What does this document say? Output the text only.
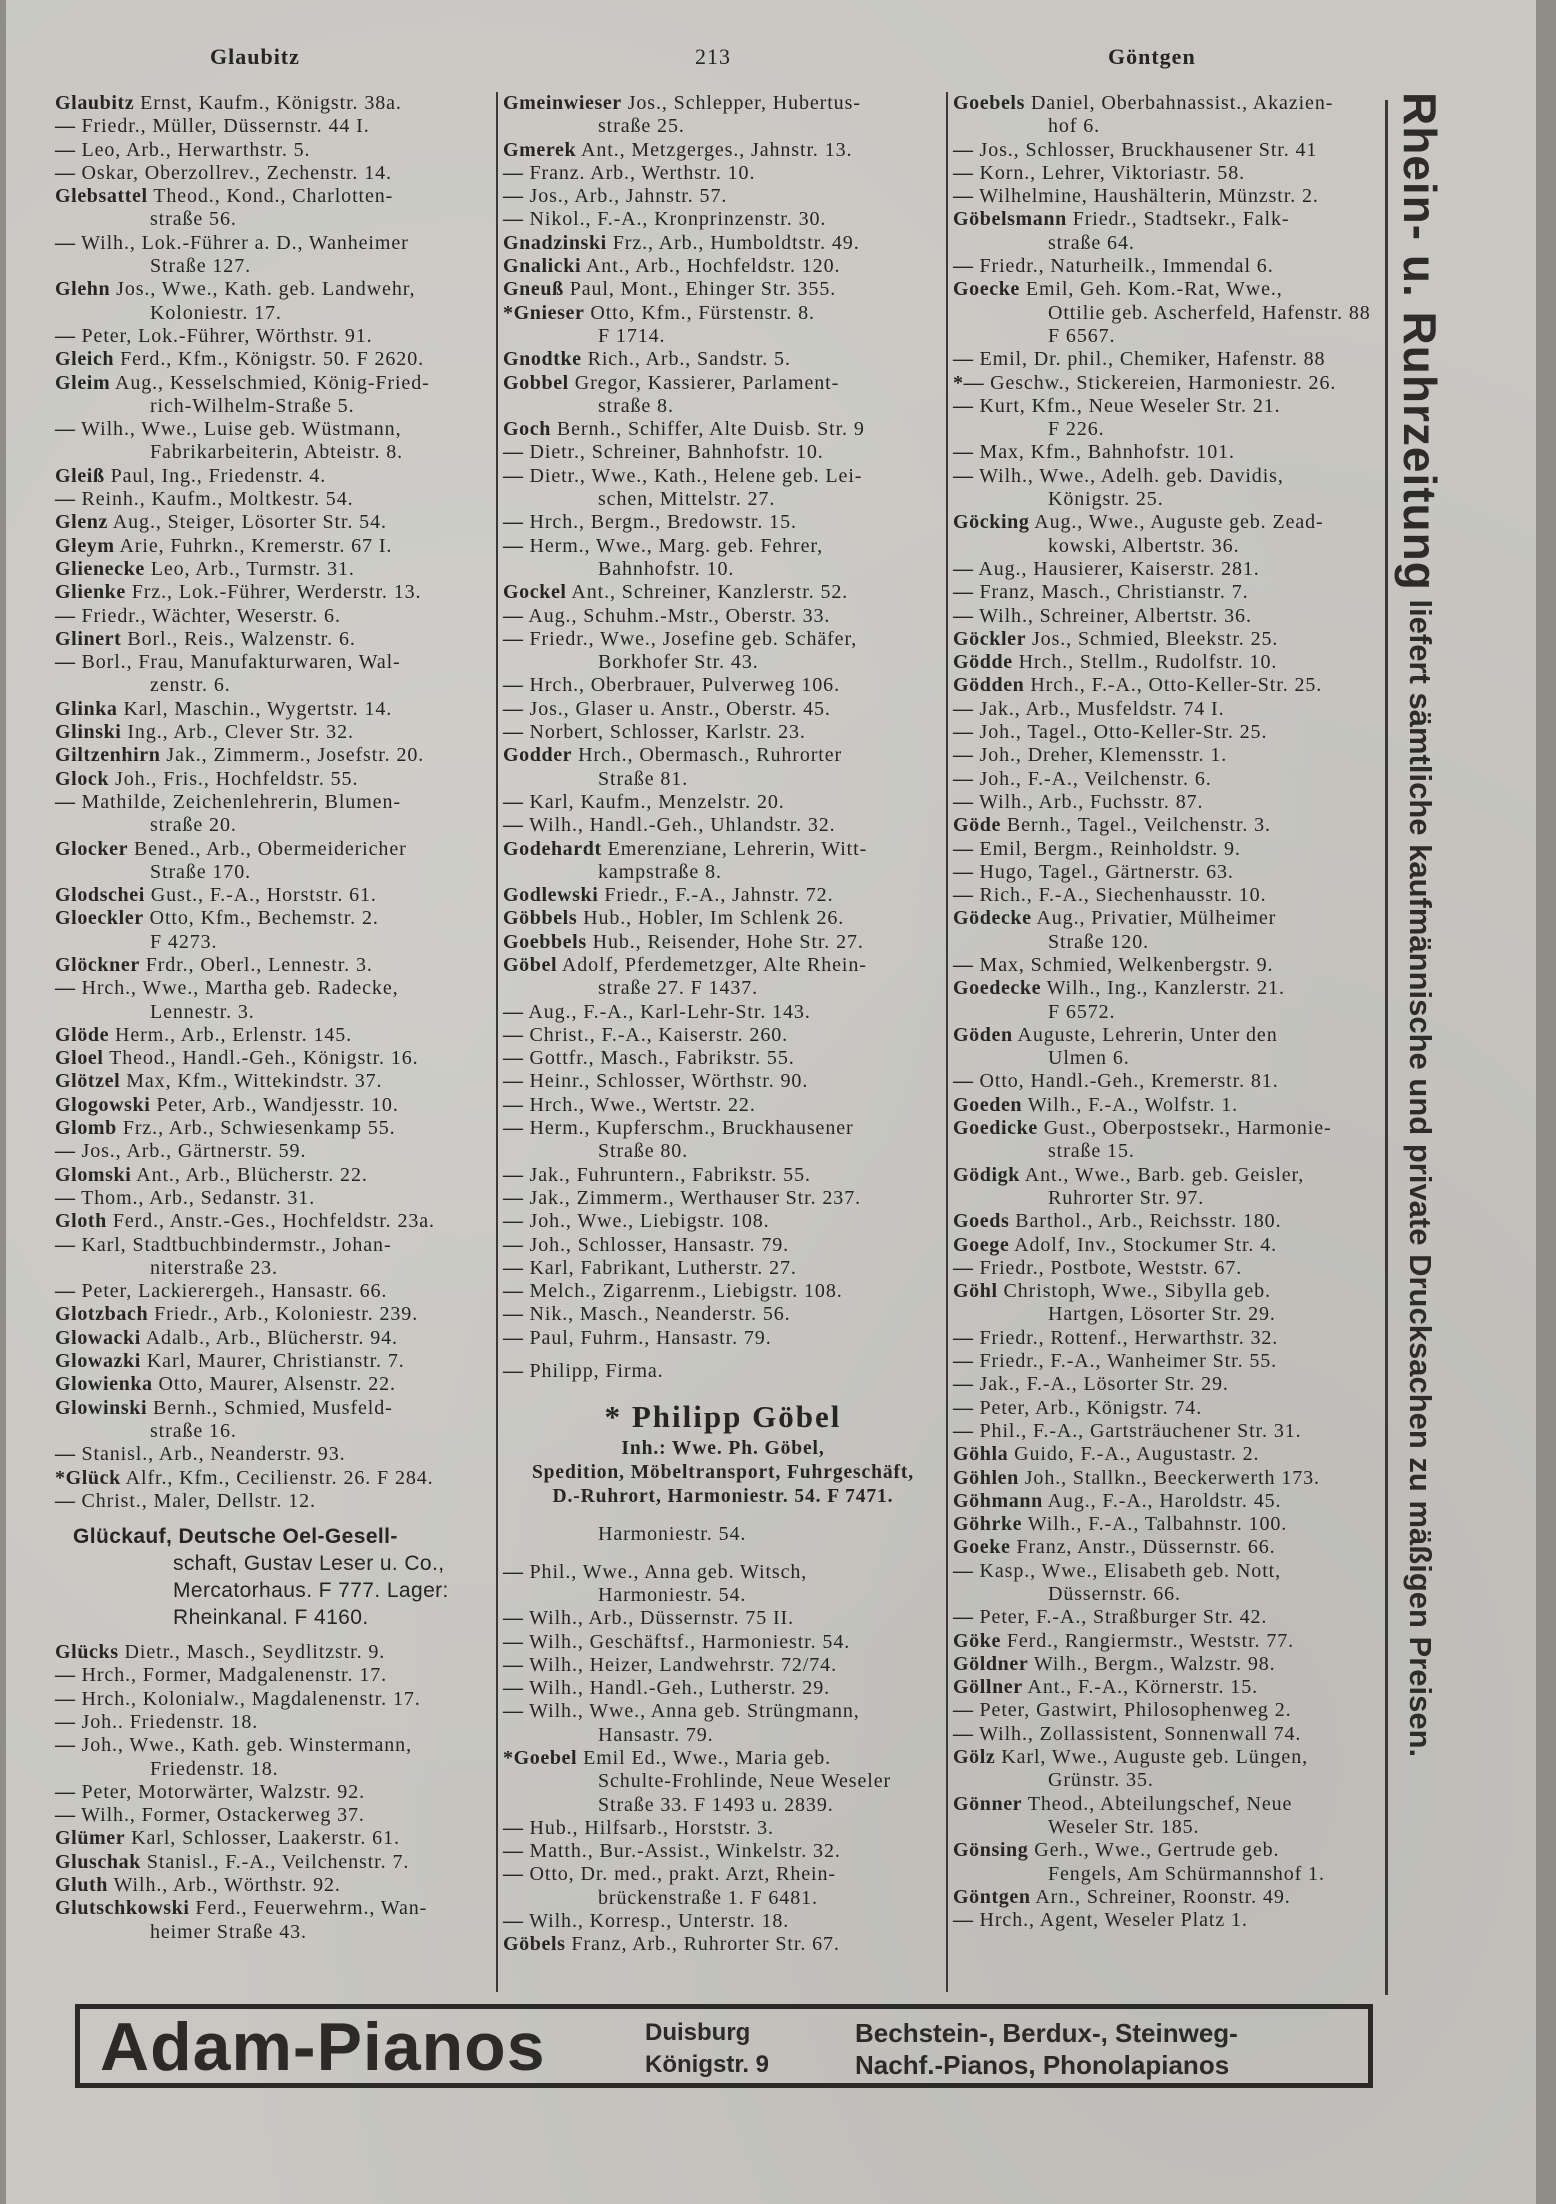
Glaubitz	213	Göntgen
Glaubitz Ernst, Kaufm., Königstr. 38a.
— Friedr., Müller, Düssernstr. 44 I.
— Leo, Arb., Herwarthstr. 5.
— Oskar, Oberzollrev., Zechenstr. 14.
Glebsattel Theod., Kond., Charlotten-
straße 56.
— Wilh., Lok.-Führer a. D., Wanheimer
Straße 127.
Glehn Jos., Wwe., Kath. geb. Landwehr,
Koloniestr. 17.
— Peter, Lok.-Führer, Wörthstr. 91.
Gleich Ferd., Kfm., Königstr. 50. F 2620.
Gleim Aug., Kesselschmied, König-Fried-
rich-Wilhelm-Straße 5.
— Wilh., Wwe., Luise geb. Wüstmann,
Fabrikarbeiterin, Abteistr. 8.
Gleiß Paul, Ing., Friedenstr. 4.
— Reinh., Kaufm., Moltkestr. 54.
Glenz Aug., Steiger, Lösorter Str. 54.
Gleym Arie, Fuhrkn., Kremerstr. 67 I.
Glienecke Leo, Arb., Turmstr. 31.
Glienke Frz., Lok.-Führer, Werderstr. 13.
— Friedr., Wächter, Weserstr. 6.
Glinert Borl., Reis., Walzenstr. 6.
— Borl., Frau, Manufakturwaren, Wal-
zenstr. 6.
Glinka Karl, Maschin., Wygertstr. 14.
Glinski Ing., Arb., Clever Str. 32.
Giltzenhirn Jak., Zimmerm., Josefstr. 20.
Glock Joh., Fris., Hochfeldstr. 55.
— Mathilde, Zeichenlehrerin, Blumen-
straße 20.
Glocker Bened., Arb., Obermeidericher
Straße 170.
Glodschei Gust., F.-A., Horststr. 61.
Gloeckler Otto, Kfm., Bechemstr. 2.
F 4273.
Glöckner Frdr., Oberl., Lennestr. 3.
— Hrch., Wwe., Martha geb. Radecke,
Lennestr. 3.
Glöde Herm., Arb., Erlenstr. 145.
Gloel Theod., Handl.-Geh., Königstr. 16.
Glötzel Max, Kfm., Wittekindstr. 37.
Glogowski Peter, Arb., Wandjesstr. 10.
Glomb Frz., Arb., Schwiesenkamp 55.
— Jos., Arb., Gärtnerstr. 59.
Glomski Ant., Arb., Blücherstr. 22.
— Thom., Arb., Sedanstr. 31.
Gloth Ferd., Anstr.-Ges., Hochfeldstr. 23a.
— Karl, Stadtbuchbindermstr., Johan-
niterstraße 23.
— Peter, Lackierergeh., Hansastr. 66.
Glotzbach Friedr., Arb., Koloniestr. 239.
Glowacki Adalb., Arb., Blücherstr. 94.
Glowazki Karl, Maurer, Christianstr. 7.
Glowienka Otto, Maurer, Alsenstr. 22.
Glowinski Bernh., Schmied, Musfeld-
straße 16.
— Stanisl., Arb., Neanderstr. 93.
*Glück Alfr., Kfm., Cecilienstr. 26. F 284.
— Christ., Maler, Dellstr. 12.
Glückauf, Deutsche Oel-Gesell-
schaft, Gustav Leser u. Co.,
Mercatorhaus. F 777. Lager:
Rheinkanal. F 4160.
Glücks Dietr., Masch., Seydlitzstr. 9.
— Hrch., Former, Madgalenenstr. 17.
— Hrch., Kolonialw., Magdalenenstr. 17.
— Joh.. Friedenstr. 18.
— Joh., Wwe., Kath. geb. Winstermann,
Friedenstr. 18.
— Peter, Motorwärter, Walzstr. 92.
— Wilh., Former, Ostackerweg 37.
Glümer Karl, Schlosser, Laakerstr. 61.
Gluschak Stanisl., F.-A., Veilchenstr. 7.
Gluth Wilh., Arb., Wörthstr. 92.
Glutschkowski Ferd., Feuerwehrm., Wan-
heimer Straße 43.
Gmeinwieser Jos., Schlepper, Hubertus-
straße 25.
Gmerek Ant., Metzgerges., Jahnstr. 13.
— Franz. Arb., Werthstr. 10.
— Jos., Arb., Jahnstr. 57.
— Nikol., F.-A., Kronprinzenstr. 30.
Gnadzinski Frz., Arb., Humboldtstr. 49.
Gnalicki Ant., Arb., Hochfeldstr. 120.
Gneuß Paul, Mont., Ehinger Str. 355.
*Gnieser Otto, Kfm., Fürstenstr. 8.
F 1714.
Gnodtke Rich., Arb., Sandstr. 5.
Gobbel Gregor, Kassierer, Parlament-
straße 8.
Goch Bernh., Schiffer, Alte Duisb. Str. 9
— Dietr., Schreiner, Bahnhofstr. 10.
— Dietr., Wwe., Kath., Helene geb. Lei-
schen, Mittelstr. 27.
— Hrch., Bergm., Bredowstr. 15.
— Herm., Wwe., Marg. geb. Fehrer,
Bahnhofstr. 10.
Gockel Ant., Schreiner, Kanzlerstr. 52.
— Aug., Schuhm.-Mstr., Oberstr. 33.
— Friedr., Wwe., Josefine geb. Schäfer,
Borkhofer Str. 43.
— Hrch., Oberbrauer, Pulverweg 106.
— Jos., Glaser u. Anstr., Oberstr. 45.
— Norbert, Schlosser, Karlstr. 23.
Godder Hrch., Obermasch., Ruhrorter
Straße 81.
— Karl, Kaufm., Menzelstr. 20.
— Wilh., Handl.-Geh., Uhlandstr. 32.
Godehardt Emerenziane, Lehrerin, Witt-
kampstraße 8.
Godlewski Friedr., F.-A., Jahnstr. 72.
Göbbels Hub., Hobler, Im Schlenk 26.
Goebbels Hub., Reisender, Hohe Str. 27.
Göbel Adolf, Pferdemetzger, Alte Rhein-
straße 27. F 1437.
— Aug., F.-A., Karl-Lehr-Str. 143.
— Christ., F.-A., Kaiserstr. 260.
— Gottfr., Masch., Fabrikstr. 55.
— Heinr., Schlosser, Wörthstr. 90.
— Hrch., Wwe., Wertstr. 22.
— Herm., Kupferschm., Bruckhausener
Straße 80.
— Jak., Fuhruntern., Fabrikstr. 55.
— Jak., Zimmerm., Werthauser Str. 237.
— Joh., Wwe., Liebigstr. 108.
— Joh., Schlosser, Hansastr. 79.
— Karl, Fabrikant, Lutherstr. 27.
— Melch., Zigarrenm., Liebigstr. 108.
— Nik., Masch., Neanderstr. 56.
— Paul, Fuhrm., Hansastr. 79.
— Philipp, Firma.
* Philipp Göbel
Inh.: Wwe. Ph. Göbel,
Spedition, Möbeltransport, Fuhrgeschäft,
D.-Ruhrort, Harmoniestr. 54. F 7471.
Harmoniestr. 54.
— Phil., Wwe., Anna geb. Witsch,
Harmoniestr. 54.
— Wilh., Arb., Düssernstr. 75 II.
— Wilh., Geschäftsf., Harmoniestr. 54.
— Wilh., Heizer, Landwehrstr. 72/74.
— Wilh., Handl.-Geh., Lutherstr. 29.
— Wilh., Wwe., Anna geb. Strüngmann,
Hansastr. 79.
*Goebel Emil Ed., Wwe., Maria geb.
Schulte-Frohlinde, Neue Weseler
Straße 33. F 1493 u. 2839.
— Hub., Hilfsarb., Horststr. 3.
— Matth., Bur.-Assist., Winkelstr. 32.
— Otto, Dr. med., prakt. Arzt, Rhein-
brückenstraße 1. F 6481.
— Wilh., Korresp., Unterstr. 18.
Göbels Franz, Arb., Ruhrorter Str. 67.
Goebels Daniel, Oberbahnassist., Akazien-
hof 6.
— Jos., Schlosser, Bruckhausener Str. 41
— Korn., Lehrer, Viktoriastr. 58.
— Wilhelmine, Haushälterin, Münzstr. 2.
Göbelsmann Friedr., Stadtsekr., Falk-
straße 64.
— Friedr., Naturheilk., Immendal 6.
Goecke Emil, Geh. Kom.-Rat, Wwe.,
Ottilie geb. Ascherfeld, Hafenstr. 88
F 6567.
— Emil, Dr. phil., Chemiker, Hafenstr. 88
*— Geschw., Stickereien, Harmoniestr. 26.
— Kurt, Kfm., Neue Weseler Str. 21.
F 226.
— Max, Kfm., Bahnhofstr. 101.
— Wilh., Wwe., Adelh. geb. Davidis,
Königstr. 25.
Göcking Aug., Wwe., Auguste geb. Zead-
kowski, Albertstr. 36.
— Aug., Hausierer, Kaiserstr. 281.
— Franz, Masch., Christianstr. 7.
— Wilh., Schreiner, Albertstr. 36.
Göckler Jos., Schmied, Bleekstr. 25.
Gödde Hrch., Stellm., Rudolfstr. 10.
Gödden Hrch., F.-A., Otto-Keller-Str. 25.
— Jak., Arb., Musfeldstr. 74 I.
— Joh., Tagel., Otto-Keller-Str. 25.
— Joh., Dreher, Klemensstr. 1.
— Joh., F.-A., Veilchenstr. 6.
— Wilh., Arb., Fuchsstr. 87.
Göde Bernh., Tagel., Veilchenstr. 3.
— Emil, Bergm., Reinholdstr. 9.
— Hugo, Tagel., Gärtnerstr. 63.
— Rich., F.-A., Siechenhausstr. 10.
Gödecke Aug., Privatier, Mülheimer
Straße 120.
— Max, Schmied, Welkenbergstr. 9.
Goedecke Wilh., Ing., Kanzlerstr. 21.
F 6572.
Göden Auguste, Lehrerin, Unter den
Ulmen 6.
— Otto, Handl.-Geh., Kremerstr. 81.
Goeden Wilh., F.-A., Wolfstr. 1.
Goedicke Gust., Oberpostsekr., Harmonie-
straße 15.
Gödigk Ant., Wwe., Barb. geb. Geisler,
Ruhrorter Str. 97.
Goeds Barthol., Arb., Reichsstr. 180.
Goege Adolf, Inv., Stockumer Str. 4.
— Friedr., Postbote, Weststr. 67.
Göhl Christoph, Wwe., Sibylla geb.
Hartgen, Lösorter Str. 29.
— Friedr., Rottenf., Herwarthstr. 32.
— Friedr., F.-A., Wanheimer Str. 55.
— Jak., F.-A., Lösorter Str. 29.
— Peter, Arb., Königstr. 74.
— Phil., F.-A., Gartsträuchener Str. 31.
Göhla Guido, F.-A., Augustastr. 2.
Göhlen Joh., Stallkn., Beeckerwerth 173.
Göhmann Aug., F.-A., Haroldstr. 45.
Göhrke Wilh., F.-A., Talbahnstr. 100.
Goeke Franz, Anstr., Düssernstr. 66.
— Kasp., Wwe., Elisabeth geb. Nott,
Düssernstr. 66.
— Peter, F.-A., Straßburger Str. 42.
Göke Ferd., Rangiermstr., Weststr. 77.
Göldner Wilh., Bergm., Walzstr. 98.
Göllner Ant., F.-A., Körnerstr. 15.
— Peter, Gastwirt, Philosophenweg 2.
— Wilh., Zollassistent, Sonnenwall 74.
Gölz Karl, Wwe., Auguste geb. Lüngen,
Grünstr. 35.
Gönner Theod., Abteilungschef, Neue
Weseler Str. 185.
Gönsing Gerh., Wwe., Gertrude geb.
Fengels, Am Schürmannshof 1.
Göntgen Arn., Schreiner, Roonstr. 49.
— Hrch., Agent, Weseler Platz 1.
Rhein- u. Ruhrzeitung liefert sämtliche kaufmännische und private Drucksachen zu mäßigen Preisen.
Adam-Pianos	Duisburg
Königstr. 9
Bechstein-, Berdux-, Steinweg-
Nachf.-Pianos, Phonolapianos
